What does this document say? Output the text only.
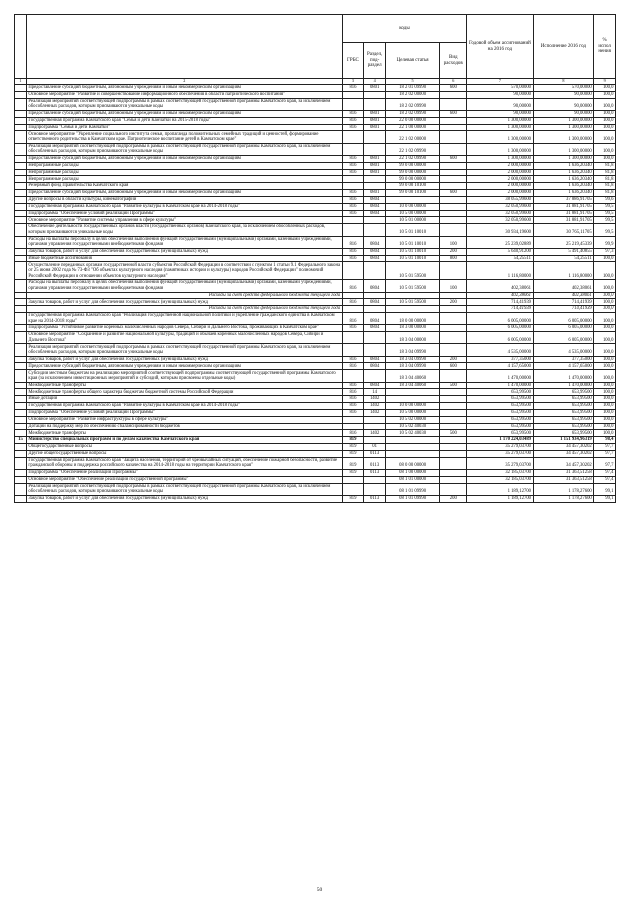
		коды				Годовой объем ассигнований на 2016 год	Исполнение 2016 год	% испол нения
		ГРБС	Раздел, под-раздел	Целевая статья	Вид расходов			
1	2	3	4	5	6	7	8	9
	Предоставление субсидий бюджетным, автономным учреждениям и иным некоммерческим организациям	816	0801	18 2 01 09990	600	570,00000	570,00000	100,0
	Основное мероприятие "Развитие и совершенствование информационного обеспечения в области патриотического воспитания"			18 2 02 00000		90,00000	90,00000	100,0
	Реализация мероприятий соответствующей подпрограммы в рамках соответствующей государственной программы Камчатского края, за исключением обособленных расходов, которым присваиваются уникальные коды			18 2 02 09990		90,00000	90,00000	100,0
	Предоставление субсидий бюджетным, автономным учреждениям и иным некоммерческим организациям	816	0801	18 2 02 09990	600	90,00000	90,00000	100,0
	Государственная программа Камчатского края "Семья и дети Камчатки на 2015-2018 годы"	816	0801	22 0 00 00000		1 300,00000	1 300,00000	100,0
	Подпрограмма "Семья и дети Камчатки"	816	0801	22 1 00 00000		1 300,00000	1 300,00000	100,0
	Основное мероприятие "Укрепление социального института семьи, пропаганда положительных семейных традиций и ценностей, формирование ответственного родительства в Камчатском крае. Патриотическое воспитание детей в Камчатском крае"			22 1 02 00000		1 300,00000	1 300,00000	100,0
	Реализация мероприятий соответствующей подпрограммы в рамках соответствующей государственной программы Камчатского края, за исключением обособленных расходов, которым присваиваются уникальные коды			22 1 02 09990		1 300,00000	1 300,00000	100,0
	Предоставление субсидий бюджетным, автономным учреждениям и иным некоммерческим организациям	816	0801	22 1 02 09990	600	1 300,00000	1 300,00000	100,0
	Непрограммные расходы	816	0801	99 0 00 00000		2 000,00000	1 636,20340	81,8
	Непрограммные расходы	816	0801	99 0 00 00000		2 000,00000	1 636,20340	81,8
	Непрограммные расходы			99 0 00 00000		2 000,00000	1 636,20340	81,8
	Резервный фонд Правительства Камчатского края			99 0 00 10100		2 000,00000	1 636,20340	81,8
	Предоставление субсидий бюджетным, автономным учреждениям и иным некоммерческим организациям	816	0801	99 0 00 10100	600	2 000,00000	1 636,20340	81,8
	Другие вопросы в области культуры, кинематографии	816	0804			38 055,99600	37 886,91705	99,6
	Государственная программа Камчатского края "Развитие культуры в Камчатском крае на 2014-2018 годы"	816	0804	10 0 00 00000		32 050,99600	31 881,91705	99,5
	Подпрограмма "Обеспечение условий реализации Программы"	816	0804	10 5 00 00000		32 050,99600	31 881,91705	99,5
	Основное мероприятие "Развитие системы управления в сфере культуры"			10 5 01 00000		32 050,99600	31 881,91705	99,5
	Обеспечение деятельности государственных органов власти (государственных органов) Камчатского края, за исключением обособленных расходов, которым присваиваются уникальные коды			10 5 01 10010		30 934,19600	30 765,11705	99,5
	Расходы на выплаты персоналу в целях обеспечения выполнения функций государственными (муниципальными) органами, казенными учреждениями, органами управления государственными внебюджетными фондами	816	0804	10 5 01 10010	100	25 239,02889	25 219,45339	99,9
	Закупка товаров, работ и услуг для обеспечения государственных (муниципальных) нужд	816	0804	10 5 01 10010	200	5 640,91200	5 491,40855	97,3
	Иные бюджетные ассигнования	816	0804	10 5 01 10010	800	54,25511	54,25511	100,0
	Осуществление переданных органам государственной власти субъектов Российской Федерации в соответствии с пунктом 1 статьи 9.1 Федерального закона от 25 июня 2002 года № 73-ФЗ "Об объектах культурного наследия (памятниках истории и культуры) народов Российской Федерации" полномочий Российской Федерации в отношении объектов культурного наследия"			10 5 01 59500		1 116,80000	1 116,80000	100,0
	Расходы на выплаты персоналу в целях обеспечения выполнения функций государственными (муниципальными) органами, казенными учреждениями, органами управления государственными внебюджетными фондами	816	0804	10 5 01 59500	100	402,38061	402,38061	100,0
	Расходы за счет средств федерального бюджета текущего года					402,38061	402,38061	100,0
	Закупка товаров, работ и услуг для обеспечения государственных (муниципальных) нужд	816	0804	10 5 01 59500	200	714,41939	714,41939	100,0
	Расходы за счет средств федерального бюджета текущего года					714,41939	714,41939	100,0
	Государственная программа Камчатского края "Реализация государственной национальной политики и укрепление гражданского единства в Камчатском крае на 2014-2018 годы"	816	0804	18 0 00 00000		6 005,00000	6 005,00000	100,0
	Подпрограмма "Устойчивое развитие коренных малочисленных народов Севера, Сибири и Дальнего Востока, проживающих в Камчатском крае"	816	0804	18 3 00 00000		6 005,00000	6 005,00000	100,0
	Основное мероприятие "Сохранение и развитие национальной культуры, традиций и обычаев коренных малочисленных народов Севера, Сибири и Дальнего Востока"			18 3 04 00000		6 005,00000	6 005,00000	100,0
	Реализация мероприятий соответствующей подпрограммы в рамках соответствующей государственной программы Камчатского края, за исключением обособленных расходов, которым присваиваются уникальные коды			18 3 04 09990		4 535,00000	4 535,00000	100,0
	Закупка товаров, работ и услуг для обеспечения государственных (муниципальных) нужд	816	0804	18 3 04 09990	200	377,35000	377,35000	100,0
	Предоставление субсидий бюджетным, автономным учреждениям и иным некоммерческим организациям	816	0804	18 3 04 09990	600	4 157,65000	4 157,65000	100,0
	Субсидии местным бюджетам на реализацию мероприятий соответствующей подпрограммы соответствующей государственной программы Камчатского края (за исключением инвестиционных мероприятий и субсидий, которым присвоены отдельные коды)			18 3 04 40060		1 470,00000	1 470,00000	100,0
	Межбюджетные трансферты	816	0804	18 3 04 40060	500	1 470,00000	1 470,00000	100,0
	Межбюджетные трансферты общего характера бюджетам бюджетной системы Российской Федерации	816	14			653,99500	653,99500	100,0
	Иные дотации	816	1402			653,99500	653,99500	100,0
	Государственная программа Камчатского края "Развитие культуры в Камчатском крае на 2014-2018 годы"	816	1402	10 0 00 00000		653,99500	653,99500	100,0
	Подпрограмма "Обеспечение условий реализации Программы"	816	1402	10 5 00 00000		653,99500	653,99500	100,0
	Основное мероприятие "Развитие инфраструктуры в сфере культуры"			10 5 02 00000		653,99500	653,99500	100,0
	Дотации на поддержку мер по обеспечению сбалансированности бюджетов			10 5 02 40030		653,99500	653,99500	100,0
	Межбюджетные трансферты	816	1402	10 5 02 40030	500	653,99500	653,99500	100,0
15	Министерство специальных программ и по делам казачества Камчатского края	819				1 170 224,03489	1 151 934,96319	98,4
	Общегосударственные вопросы	819	01			35 279,03700	34 457,30202	97,7
	Другие общегосударственные вопросы	819	0113			35 279,03700	34 457,30202	97,7
	Государственная программа Камчатского края "Защита населения, территорий от чрезвычайных ситуаций, обеспечение пожарной безопасности, развитие гражданской обороны и поддержка российского казачества на 2014-2018 годы на территории Камчатского края"	819	0113	08 0 00 00000		35 279,03700	34 457,30202	97,7
	Подпрограмма "Обеспечение реализации Программы"	819	0113	08 1 00 00000		32 185,03700	31 363,51258	97,4
	Основное мероприятие "Обеспечение реализации государственной программы"			08 1 01 00000		32 185,03700	31 363,51258	97,4
	Реализация мероприятий соответствующей подпрограммы в рамках соответствующей государственной программы Камчатского края, за исключением обособленных расходов, которым присваиваются уникальные коды			08 1 01 09990		1 189,12700	1 178,27600	99,1
	Закупка товаров, работ и услуг для обеспечения государственных (муниципальных) нужд	819	0113	08 1 01 09990	200	1 189,12700	1 178,27600	99,1
50
